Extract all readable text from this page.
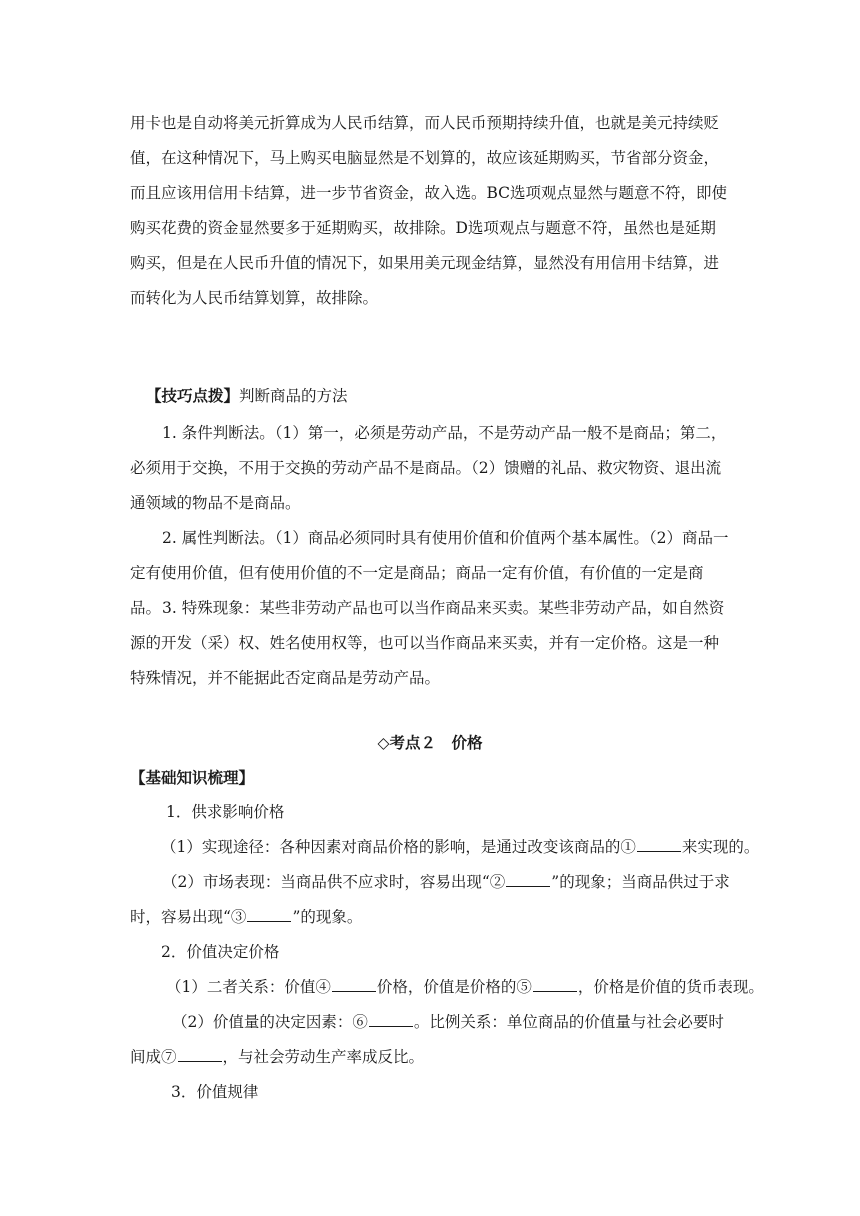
用卡也是自动将美元折算成为人民币结算，而人民币预期持续升值，也就是美元持续贬值，在这种情况下，马上购买电脑显然是不划算的，故应该延期购买，节省部分资金，而且应该用信用卡结算，进一步节省资金，故入选。BC选项观点显然与题意不符，即使购买花费的资金显然要多于延期购买，故排除。D选项观点与题意不符，虽然也是延期购买，但是在人民币升值的情况下，如果用美元现金结算，显然没有用信用卡结算，进而转化为人民币结算划算，故排除。

【技巧点拨】判断商品的方法

1. 条件判断法。（1）第一，必须是劳动产品，不是劳动产品一般不是商品；第二，必须用于交换，不用于交换的劳动产品不是商品。（2）馈赠的礼品、救灾物资、退出流通领域的物品不是商品。

2. 属性判断法。（1）商品必须同时具有使用价值和价值两个基本属性。（2）商品一定有使用价值，但有使用价值的不一定是商品；商品一定有价值，有价值的一定是商品。 3. 特殊现象：某些非劳动产品也可以当作商品来买卖。某些非劳动产品，如自然资源的开发（采）权、姓名使用权等，也可以当作商品来买卖，并有一定价格。这是一种特殊情况，并不能据此否定商品是劳动产品。

◇考点２　价格

【基础知识梳理】

1．供求影响价格

（1）实现途径：各种因素对商品价格的影响，是通过改变该商品的①	来实现的。

（2）市场表现：当商品供不应求时，容易出现“②	”的现象；当商品供过于求时，容易出现“③	”的现象。

2．价值决定价格

（1）二者关系：价值④	价格，价值是价格的⑤	，价格是价值的货币表现。

（2）价值量的决定因素：⑥	。比例关系：单位商品的价值量与社会必要时间成⑦	，与社会劳动生产率成反比。

3．价值规律
